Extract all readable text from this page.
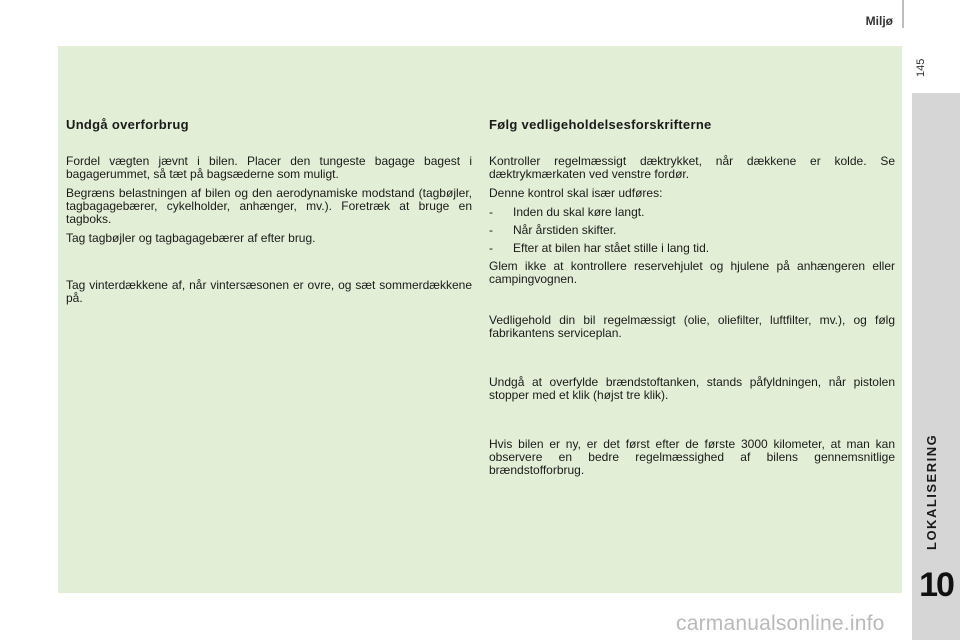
Miljø
145
LOKALISERING
10
Undgå overforbrug

Fordel vægten jævnt i bilen. Placer den tungeste bagage bagest i bagagerummet, så tæt på bagsæderne som muligt.

Begræns belastningen af bilen og den aerodynamiske modstand (tagbøjler, tagbagagebærer, cykelholder, anhænger, mv.). Foretræk at bruge en tagboks.

Tag tagbøjler og tagbagagebærer af efter brug.

Tag vinterdækkene af, når vintersæsonen er ovre, og sæt sommerdækkene på.

Følg vedligeholdelsesforskrifterne

Kontroller regelmæssigt dæktrykket, når dækkene er kolde. Se dæktrykmærkaten ved venstre fordør.

Denne kontrol skal især udføres:

-	Inden du skal køre langt.
-	Når årstiden skifter.
-	Efter at bilen har stået stille i lang tid.

Glem ikke at kontrollere reservehjulet og hjulene på anhængeren eller campingvognen.

Vedligehold din bil regelmæssigt (olie, oliefilter, luftfilter, mv.), og følg fabrikantens serviceplan.

Undgå at overfylde brændstoftanken, stands påfyldningen, når pistolen stopper med et klik (højst tre klik).

Hvis bilen er ny, er det først efter de første 3000 kilometer, at man kan observere en bedre regelmæssighed af bilens gennemsnitlige brændstofforbrug.

carmanualsonline.info
